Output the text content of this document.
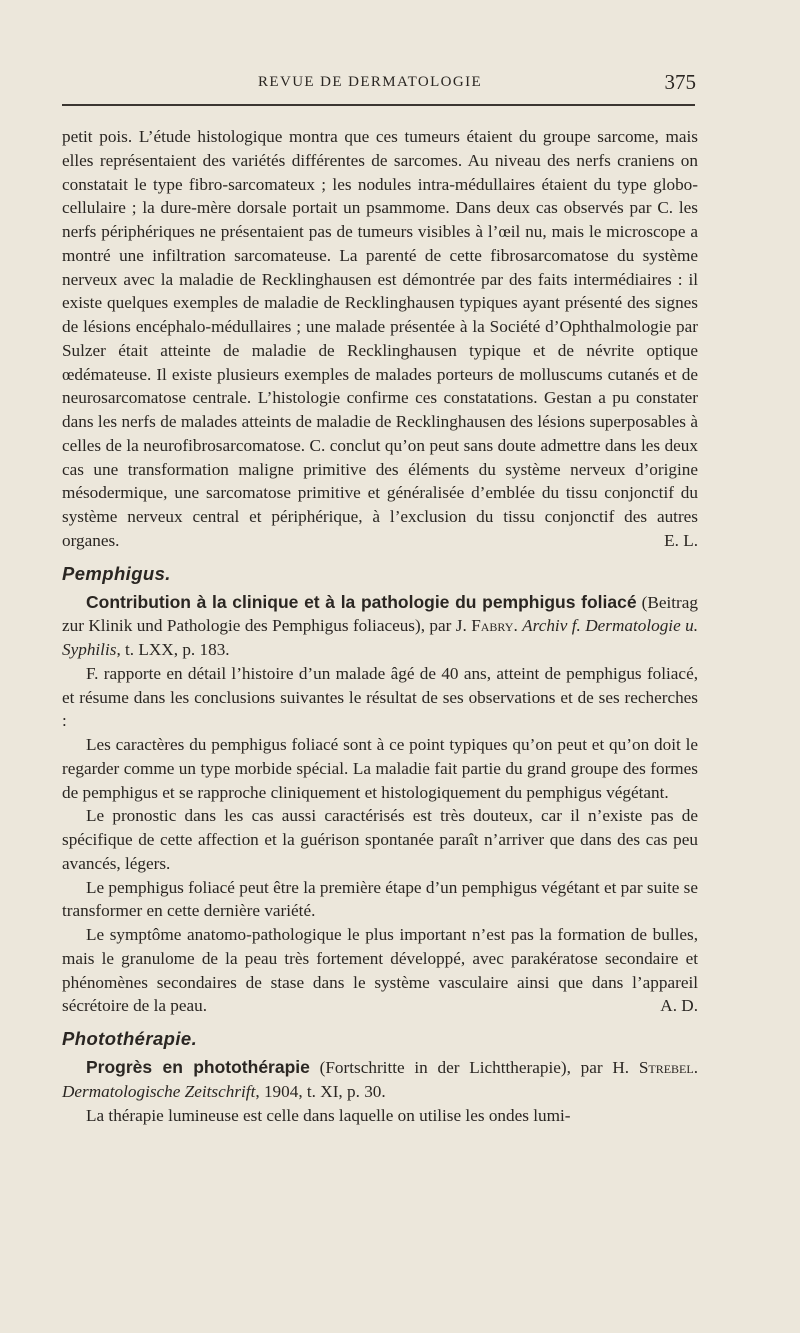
REVUE DE DERMATOLOGIE	375

petit pois. L’étude histologique montra que ces tumeurs étaient du groupe sarcome, mais elles représentaient des variétés différentes de sarcomes. Au niveau des nerfs craniens on constatait le type fibro-sarcomateux ; les nodules intra-médullaires étaient du type globo-cellulaire ; la dure-mère dorsale portait un psammome. Dans deux cas observés par C. les nerfs périphériques ne présentaient pas de tumeurs visibles à l’œil nu, mais le microscope a montré une infiltration sarcomateuse. La parenté de cette fibrosarcomatose du système nerveux avec la maladie de Recklinghausen est démontrée par des faits intermédiaires : il existe quelques exemples de maladie de Recklinghausen typiques ayant présenté des signes de lésions encéphalo-médullaires ; une malade présentée à la Société d’Ophthalmologie par Sulzer était atteinte de maladie de Recklinghausen typique et de névrite optique œdémateuse. Il existe plusieurs exemples de malades porteurs de molluscums cutanés et de neurosarcomatose centrale. L’histologie confirme ces constatations. Gestan a pu constater dans les nerfs de malades atteints de maladie de Recklinghausen des lésions superposables à celles de la neurofibrosarcomatose. C. conclut qu’on peut sans doute admettre dans les deux cas une transformation maligne primitive des éléments du système nerveux d’origine mésodermique, une sarcomatose primitive et généralisée d’emblée du tissu conjonctif du système nerveux central et périphérique, à l’exclusion du tissu conjonctif des autres organes.	E. L.

Pemphigus.

Contribution à la clinique et à la pathologie du pemphigus foliacé (Beitrag zur Klinik und Pathologie des Pemphigus foliaceus), par J. Fabry. Archiv f. Dermatologie u. Syphilis, t. LXX, p. 183.

F. rapporte en détail l’histoire d’un malade âgé de 40 ans, atteint de pemphigus foliacé, et résume dans les conclusions suivantes le résultat de ses observations et de ses recherches :

Les caractères du pemphigus foliacé sont à ce point typiques qu’on peut et qu’on doit le regarder comme un type morbide spécial. La maladie fait partie du grand groupe des formes de pemphigus et se rapproche cliniquement et histologiquement du pemphigus végétant.

Le pronostic dans les cas aussi caractérisés est très douteux, car il n’existe pas de spécifique de cette affection et la guérison spontanée paraît n’arriver que dans des cas peu avancés, légers.

Le pemphigus foliacé peut être la première étape d’un pemphigus végétant et par suite se transformer en cette dernière variété.

Le symptôme anatomo-pathologique le plus important n’est pas la formation de bulles, mais le granulome de la peau très fortement développé, avec parakératose secondaire et phénomènes secondaires de stase dans le système vasculaire ainsi que dans l’appareil sécrétoire de la peau.	A. D.

Photothérapie.

Progrès en photothérapie (Fortschritte in der Lichttherapie), par H. Strebel. Dermatologische Zeitschrift, 1904, t. XI, p. 30.

La thérapie lumineuse est celle dans laquelle on utilise les ondes lumi-
